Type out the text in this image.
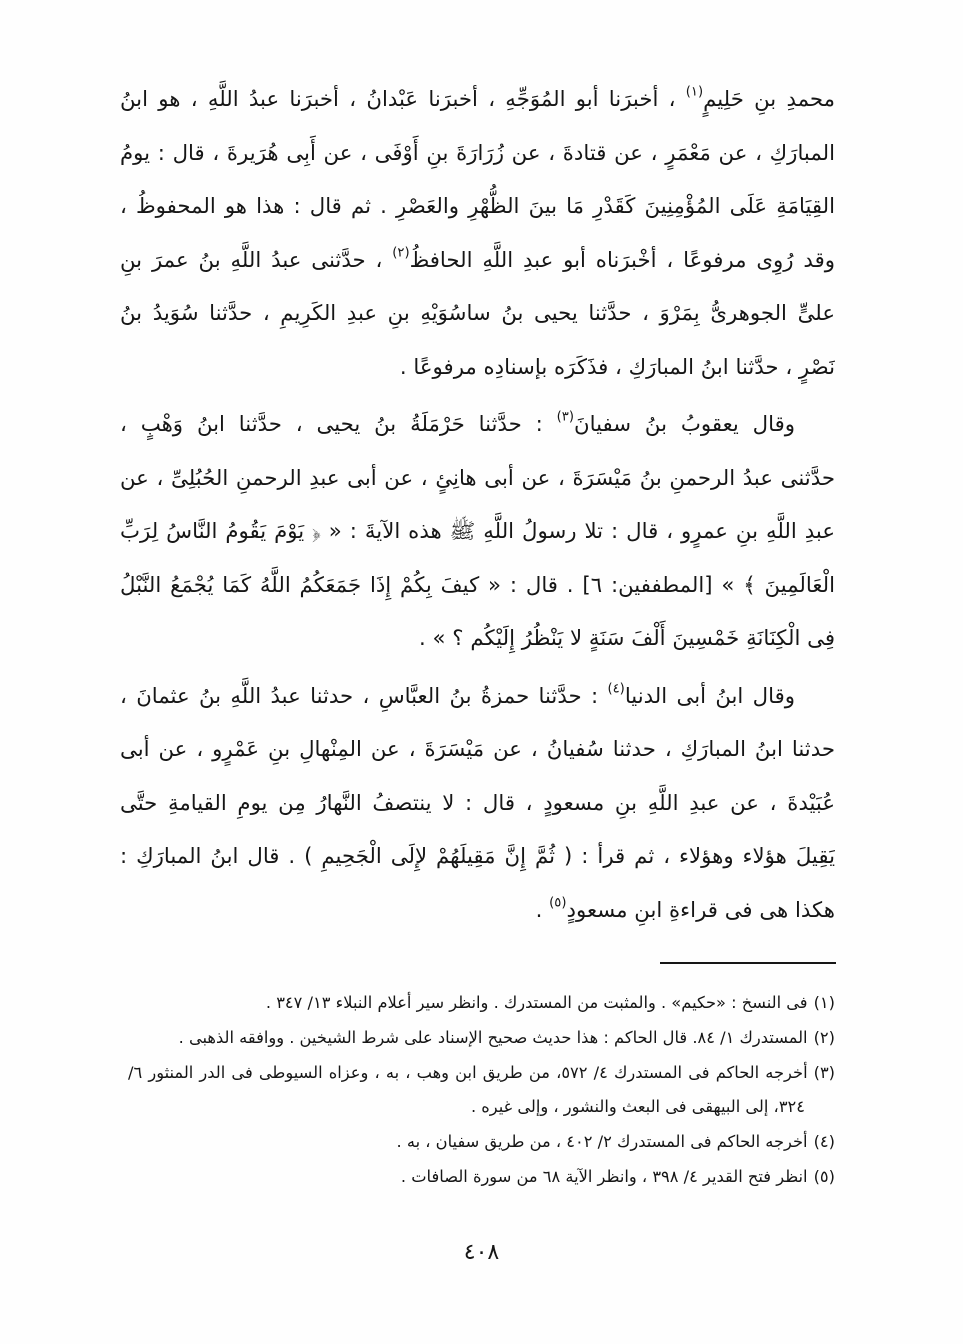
محمدِ بنِ حَلِيمٍ$^{(١)}$ ، أخبرَنا أبو المُوَجِّهِ ، أخبرَنا عَبْدانُ ، أخبرَنا عبدُ اللَّهِ ، هو ابنُ
المبارَكِ ، عن مَعْمَرٍ ، عن قتادةَ ، عن زُرَارَةَ بنِ أَوْفَى ، عن أَبِى هُرَيرةَ ، قال : يومُ
القِيَامَةِ عَلَى المُؤْمِنِينَ كَقَدْرِ مَا بينَ الظُّهْرِ والعَصْرِ . ثم قال : هذا هو المحفوظُ ،
وقد رُوِى مرفوعًا ، أخْبرَناه أبو عبدِ اللَّهِ الحافظُ$^{(٢)}$ ، حدَّثنى عبدُ اللَّهِ بنُ عمرَ بنِ
علىٍّ الجوهرىُّ بِمَرْوَ ، حدَّثنا يحيى بنُ ساسُوَيْهِ بنِ عبدِ الكَرِيمِ ، حدَّثنا سُوَيدُ بنُ
نَصْرٍ ، حدَّثنا ابنُ المبارَكِ ، فذَكَرَه بإسنادِه مرفوعًا .
وقال يعقوبُ بنُ سفيانَ$^{(٣)}$ : حدَّثنا حَرْمَلَةُ بنُ يحيى ، حدَّثنا ابنُ وَهْبٍ ،
حدَّثنى عبدُ الرحمنِ بنُ مَيْسَرَةَ ، عن أبى هانِئٍ ، عن أبى عبدِ الرحمنِ الحُبُلِىِّ ، عن
عبدِ اللَّهِ بنِ عمرٍو ، قال : تلا رسولُ اللَّهِ ﷺ هذه الآيةَ : « ﴿ يَوْمَ يَقُومُ النَّاسُ لِرَبِّ
الْعَالَمِينَ ﴾ » [المطففين: ٦] . قال : « كيفَ بِكُمْ إِذَا جَمَعَكُمُ اللَّهُ كَمَا يُجْمَعُ النَّبْلُ
فِى الْكِنَانَةِ خَمْسِينَ أَلْفَ سَنَةٍ لا يَنْظُرُ إِلَيْكُم ؟ » .
وقال ابنُ أبى الدنيا$^{(٤)}$ : حدَّثنا حمزةُ بنُ العبَّاسِ ، حدثنا عبدُ اللَّهِ بنُ عثمانَ ،
حدثنا ابنُ المبارَكِ ، حدثنا سُفيانُ ، عن مَيْسَرَةَ ، عن المِنْهالِ بنِ عَمْرٍو ، عن أبى
عُبَيْدةَ ، عن عبدِ اللَّهِ بنِ مسعودٍ ، قال : لا ينتصفُ النَّهارُ مِن يومِ القيامةِ حتَّى
يَقِيلَ هؤلاء وهؤلاء ، ثم قرأ : ( ثُمَّ إِنَّ مَقِيلَهُمْ لإِلَى الْجَحِيمِ ) . قال ابنُ المبارَكِ :
هكذا هى فى قراءةِ ابنِ مسعودٍ$^{(٥)}$ .
(١)فى النسخ : «حكيم» . والمثبت من المستدرك . وانظر سير أعلام النبلاء ١٣/ ٣٤٧ .
(٢)المستدرك ١/ ٨٤. قال الحاكم : هذا حديث صحيح الإسناد على شرط الشيخين . ووافقه الذهبى .
(٣)أخرجه الحاكم فى المستدرك ٤/ ٥٧٢، من طريق ابن وهب ، به ، وعزاه السيوطى فى الدر المنثور ٦/
٣٢٤، إلى البيهقى فى البعث والنشور ، وإلى غيره .
(٤)أخرجه الحاكم فى المستدرك ٢/ ٤٠٢ ، من طريق سفيان ، به .
(٥)انظر فتح القدير ٤/ ٣٩٨ ، وانظر الآية ٦٨ من سورة الصافات .
٤٠٨
